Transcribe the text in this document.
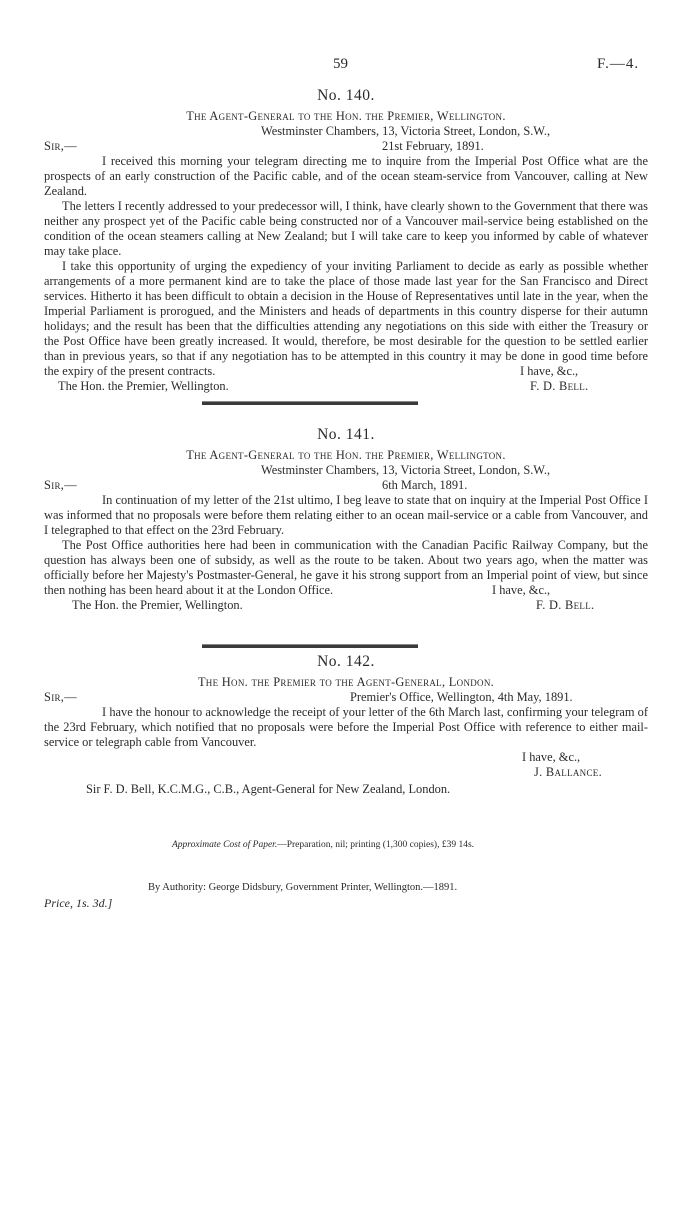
59	F.—4.

No. 140.

The Agent-General to the Hon. the Premier, Wellington.

Westminster Chambers, 13, Victoria Street, London, S.W.,
Sir,—	21st February, 1891.

I received this morning your telegram directing me to inquire from the Imperial Post Office what are the prospects of an early construction of the Pacific cable, and of the ocean steam-service from Vancouver, calling at New Zealand.

The letters I recently addressed to your predecessor will, I think, have clearly shown to the Government that there was neither any prospect yet of the Pacific cable being constructed nor of a Vancouver mail-service being established on the condition of the ocean steamers calling at New Zealand; but I will take care to keep you informed by cable of whatever may take place.

I take this opportunity of urging the expediency of your inviting Parliament to decide as early as possible whether arrangements of a more permanent kind are to take the place of those made last year for the San Francisco and Direct services. Hitherto it has been difficult to obtain a decision in the House of Representatives until late in the year, when the Imperial Parliament is prorogued, and the Ministers and heads of departments in this country disperse for their autumn holidays; and the result has been that the difficulties attending any negotiations on this side with either the Treasury or the Post Office have been greatly increased. It would, therefore, be most desirable for the question to be settled earlier than in previous years, so that if any negotiation has to be attempted in this country it may be done in good time before the expiry of the present contracts.	I have, &c.,
The Hon. the Premier, Wellington.	F. D. Bell.

No. 141.

The Agent-General to the Hon. the Premier, Wellington.

Westminster Chambers, 13, Victoria Street, London, S.W.,
Sir,—	6th March, 1891.

In continuation of my letter of the 21st ultimo, I beg leave to state that on inquiry at the Imperial Post Office I was informed that no proposals were before them relating either to an ocean mail-service or a cable from Vancouver, and I telegraphed to that effect on the 23rd February.

The Post Office authorities here had been in communication with the Canadian Pacific Railway Company, but the question has always been one of subsidy, as well as the route to be taken. About two years ago, when the matter was officially before her Majesty's Postmaster-General, he gave it his strong support from an Imperial point of view, but since then nothing has been heard about it at the London Office.	I have, &c.,
The Hon. the Premier, Wellington.	F. D. Bell.

No. 142.

The Hon. the Premier to the Agent-General, London.

Sir,—	Premier's Office, Wellington, 4th May, 1891.

I have the honour to acknowledge the receipt of your letter of the 6th March last, confirming your telegram of the 23rd February, which notified that no proposals were before the Imperial Post Office with reference to either mail-service or telegraph cable from Vancouver.

I have, &c.,
J. Ballance.

Sir F. D. Bell, K.C.M.G., C.B., Agent-General for New Zealand, London.

Approximate Cost of Paper.—Preparation, nil; printing (1,300 copies), £39 14s.
By Authority: George Didsbury, Government Printer, Wellington.—1891.
Price, 1s. 3d.]
